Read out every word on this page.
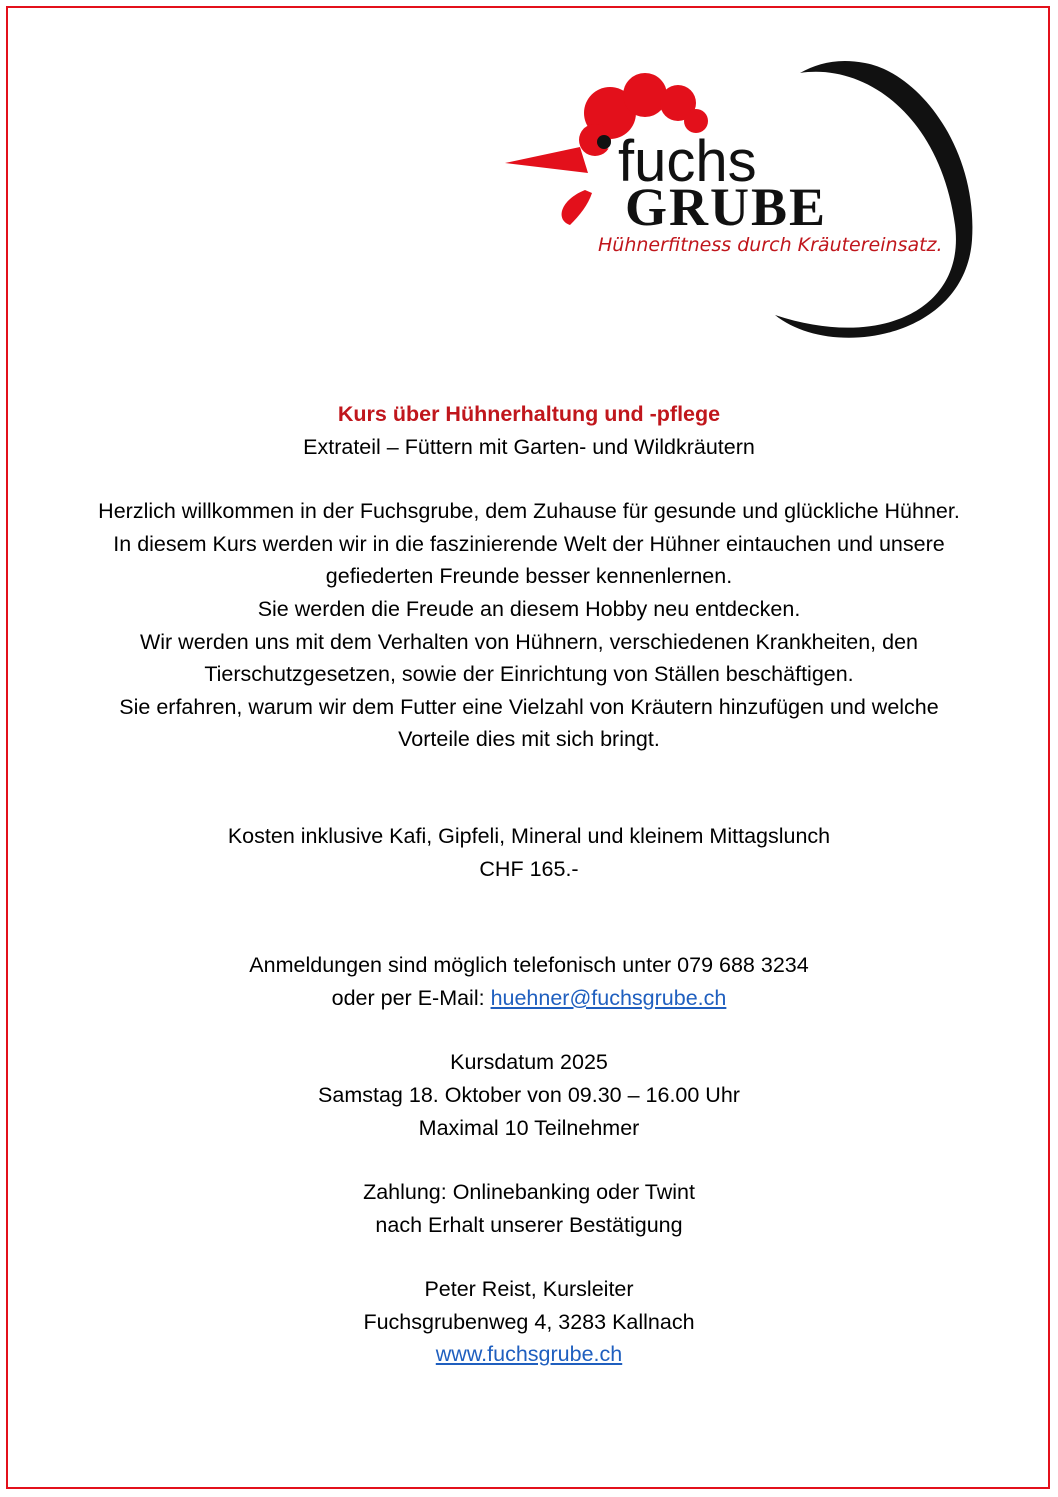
fuchs
GRUBE
Hühnerfitness durch Kräutereinsatz.

Kurs über Hühnerhaltung und -pflege

Extrateil – Füttern mit Garten- und Wildkräutern

Herzlich willkommen in der Fuchsgrube, dem Zuhause für gesunde und glückliche Hühner.

In diesem Kurs werden wir in die faszinierende Welt der Hühner eintauchen und unsere

gefiederten Freunde besser kennenlernen.

Sie werden die Freude an diesem Hobby neu entdecken.

Wir werden uns mit dem Verhalten von Hühnern, verschiedenen Krankheiten, den

Tierschutzgesetzen, sowie der Einrichtung von Ställen beschäftigen.

Sie erfahren, warum wir dem Futter eine Vielzahl von Kräutern hinzufügen und welche

Vorteile dies mit sich bringt.

Kosten inklusive Kafi, Gipfeli, Mineral und kleinem Mittagslunch

CHF 165.-

Anmeldungen sind möglich telefonisch unter 079 688 3234

oder per E-Mail: huehner@fuchsgrube.ch

Kursdatum 2025

Samstag 18. Oktober von 09.30 – 16.00 Uhr

Maximal 10 Teilnehmer

Zahlung: Onlinebanking oder Twint

nach Erhalt unserer Bestätigung

Peter Reist, Kursleiter

Fuchsgrubenweg 4, 3283 Kallnach

www.fuchsgrube.ch
